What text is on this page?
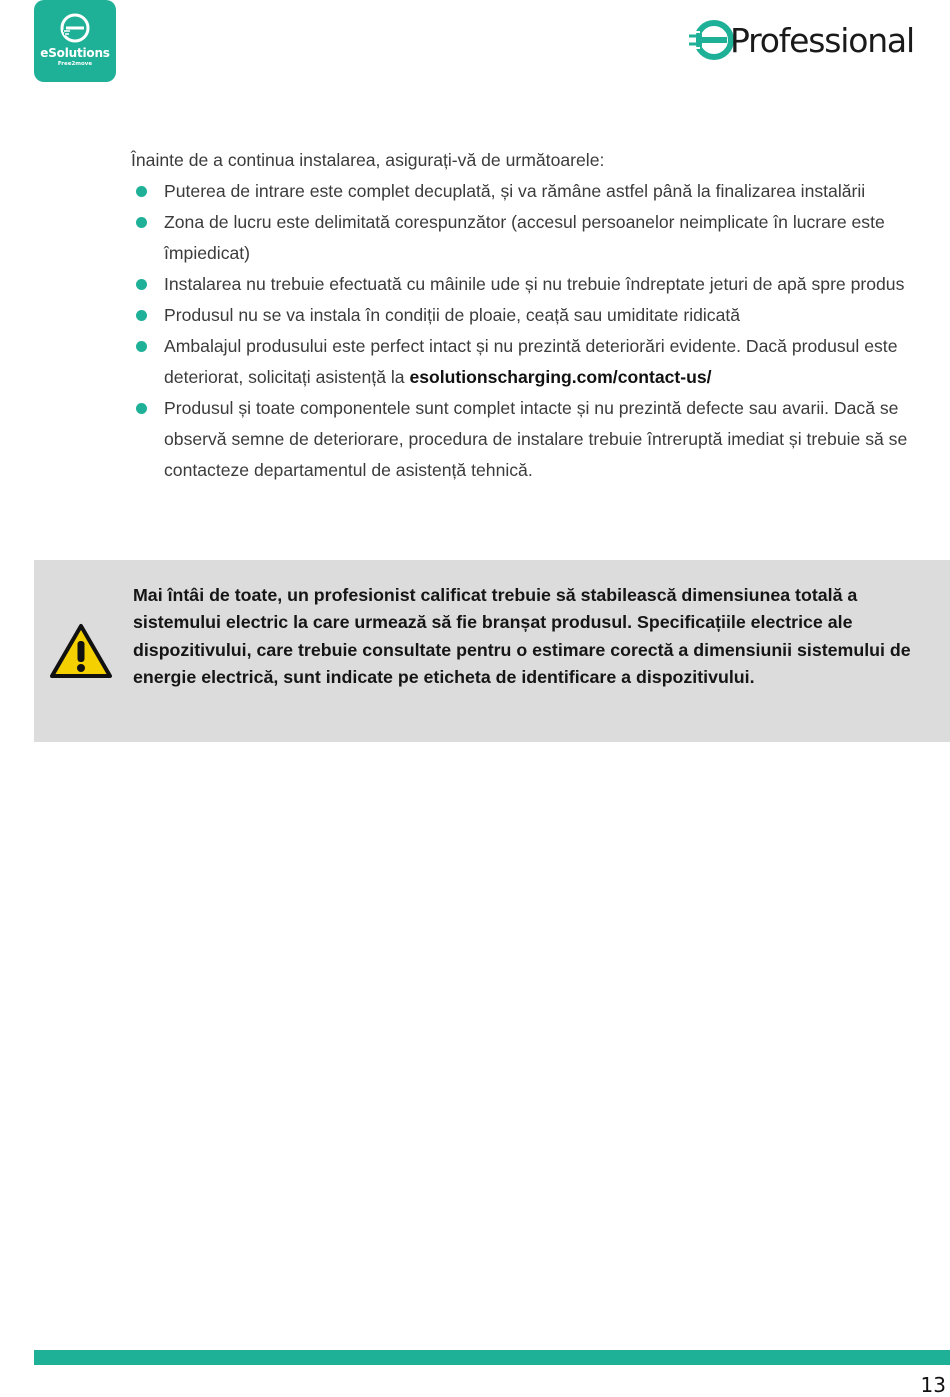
eSolutions
Free2move
Professional

Înainte de a continua instalarea, asigurați-vă de următoarele:

Puterea de intrare este complet decuplată, și va rămâne astfel până la finalizarea instalării
Zona de lucru este delimitată corespunzător (accesul persoanelor neimplicate în lucrare este împiedicat)
Instalarea nu trebuie efectuată cu mâinile ude și nu trebuie îndreptate jeturi de apă spre produs
Produsul nu se va instala în condiții de ploaie, ceață sau umiditate ridicată
Ambalajul produsului este perfect intact și nu prezintă deteriorări evidente. Dacă produsul este deteriorat, solicitați asistență la esolutionscharging.com/contact-us/
Produsul și toate componentele sunt complet intacte și nu prezintă defecte sau avarii. Dacă se observă semne de deteriorare, procedura de instalare trebuie întreruptă imediat și trebuie să se contacteze departamentul de asistență tehnică.
Mai întâi de toate, un profesionist calificat trebuie să stabilească dimensiunea totală a sistemului electric la care urmează să fie branșat produsul. Specificațiile electrice ale dispozitivului, care trebuie consultate pentru o estimare corectă a dimensiunii sistemului de energie electrică, sunt indicate pe eticheta de identificare a dispozitivului.
13
